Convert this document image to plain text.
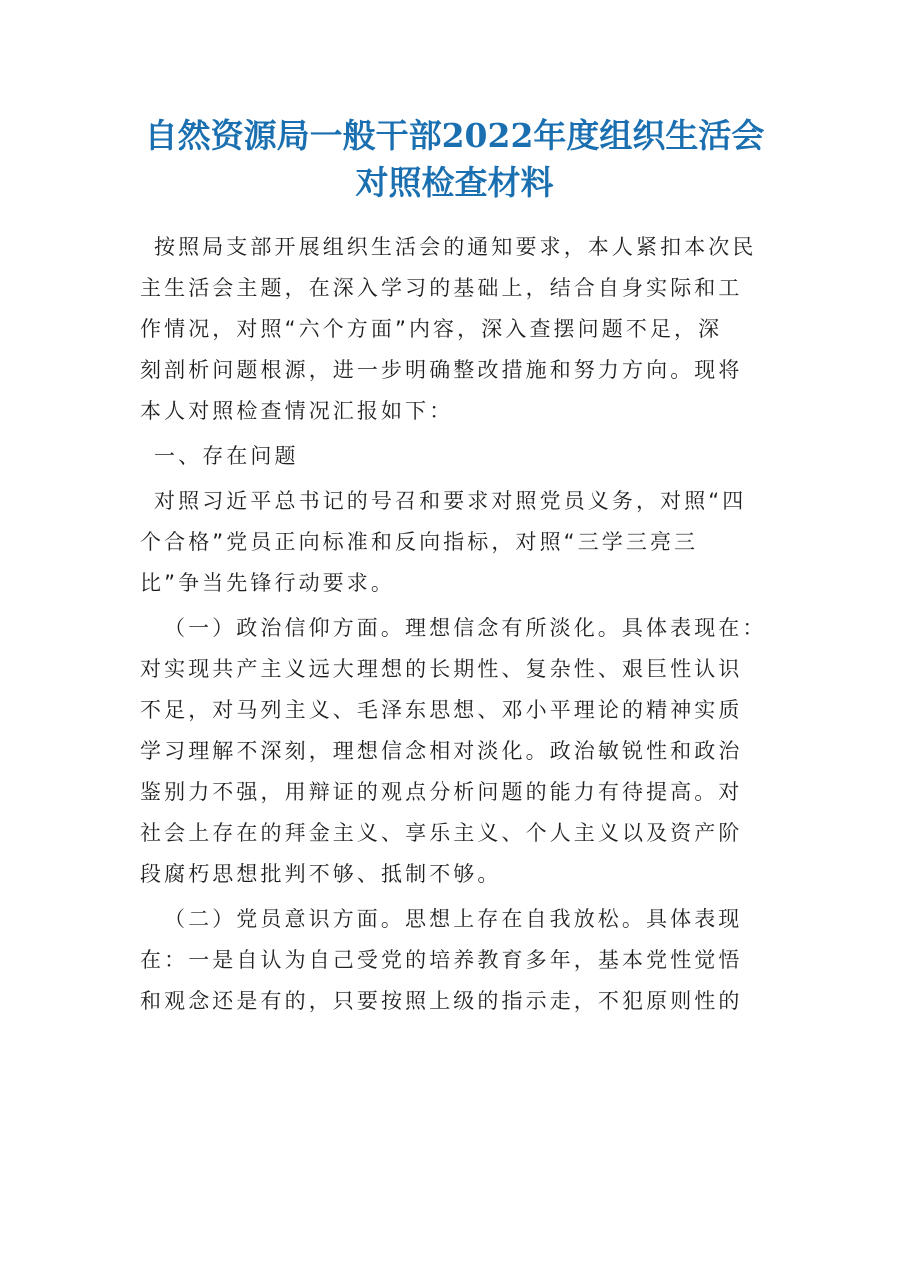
自然资源局一般干部2022年度组织生活会
对照检查材料
按照局支部开展组织生活会的通知要求，本人紧扣本次民
主生活会主题，在深入学习的基础上，结合自身实际和工
作情况，对照“六个方面”内容，深入查摆问题不足，深
刻剖析问题根源，进一步明确整改措施和努力方向。现将
本人对照检查情况汇报如下：
一、存在问题
对照习近平总书记的号召和要求对照党员义务，对照“四
个合格”党员正向标准和反向指标，对照“三学三亮三
比”争当先锋行动要求。
（一）政治信仰方面。理想信念有所淡化。具体表现在：
对实现共产主义远大理想的长期性、复杂性、艰巨性认识
不足，对马列主义、毛泽东思想、邓小平理论的精神实质
学习理解不深刻，理想信念相对淡化。政治敏锐性和政治
鉴别力不强，用辩证的观点分析问题的能力有待提高。对
社会上存在的拜金主义、享乐主义、个人主义以及资产阶
段腐朽思想批判不够、抵制不够。
（二）党员意识方面。思想上存在自我放松。具体表现
在：一是自认为自己受党的培养教育多年，基本党性觉悟
和观念还是有的，只要按照上级的指示走，不犯原则性的
